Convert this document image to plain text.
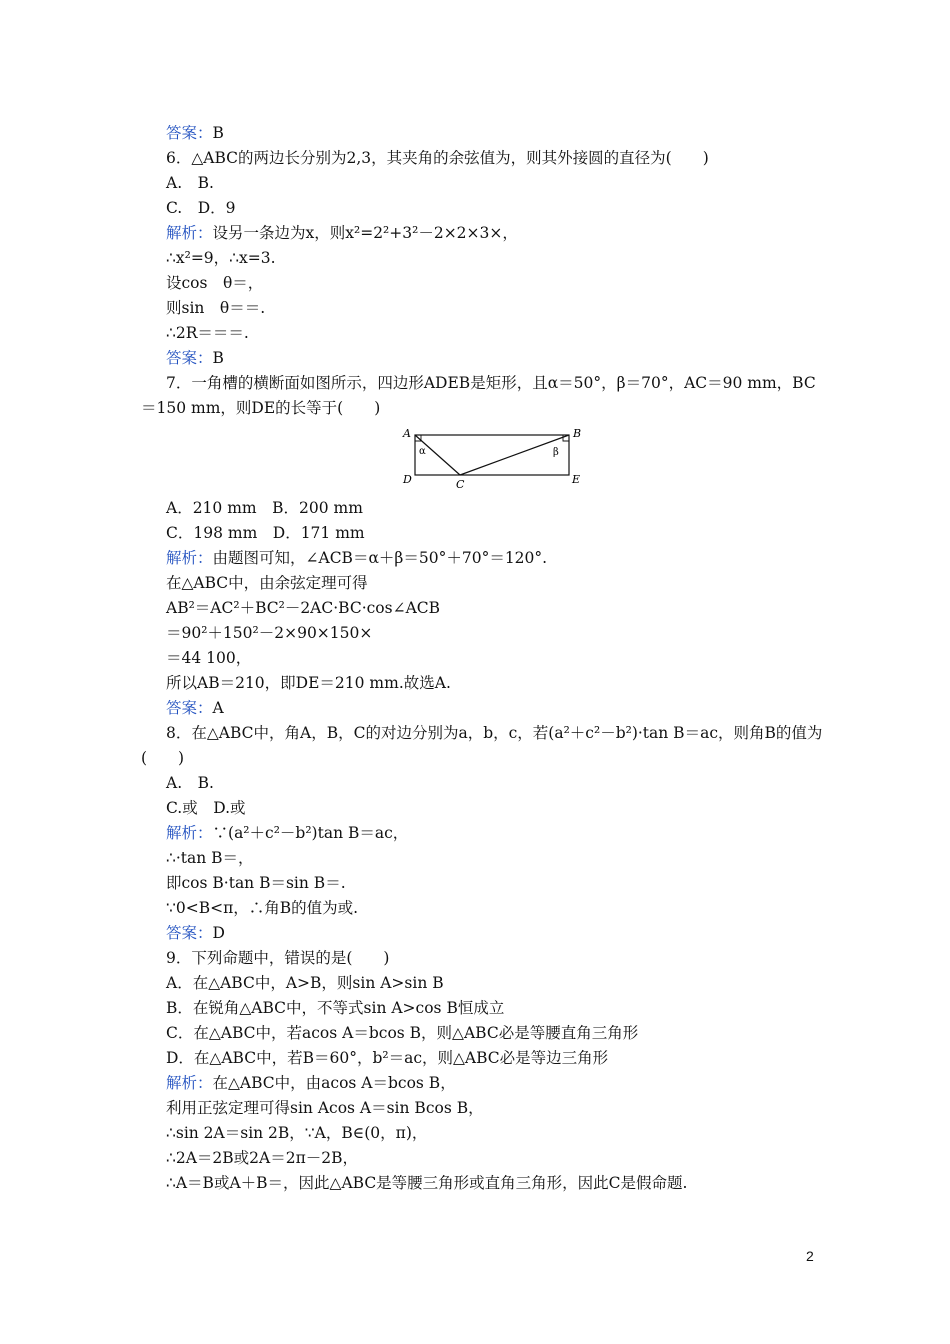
答案：B
6．△ABC的两边长分别为2,3，其夹角的余弦值为，则其外接圆的直径为(　　)
A.　B.
C.　D．9
解析：设另一条边为x，则x²=2²+3²－2×2×3×，
∴x²=9，∴x=3.
设cos　θ＝，
则sin　θ＝＝.
∴2R＝＝＝.
答案：B
7．一角槽的横断面如图所示，四边形ADEB是矩形，且α＝50°，β＝70°，AC＝90 mm，BC
＝150 mm，则DE的长等于(　　)
A	B
D	E
C
α	β
A．210 mm　B．200 mm
C．198 mm　D．171 mm
解析：由题图可知，∠ACB＝α＋β＝50°＋70°＝120°.
在△ABC中，由余弦定理可得
AB²＝AC²＋BC²－2AC·BC·cos∠ACB
＝90²＋150²－2×90×150×
＝44 100，
所以AB＝210，即DE＝210 mm.故选A.
答案：A
8．在△ABC中，角A，B，C的对边分别为a，b，c，若(a²＋c²－b²)·tan B＝ac，则角B的值为
(　　)
A.　B.
C.或　D.或
解析：∵(a²＋c²－b²)tan B＝ac，
∴·tan B＝，
即cos B·tan B＝sin B＝.
∵0<B<π，∴角B的值为或.
答案：D
9．下列命题中，错误的是(　　)
A．在△ABC中，A>B，则sin A>sin B
B．在锐角△ABC中，不等式sin A>cos B恒成立
C．在△ABC中，若acos A＝bcos B，则△ABC必是等腰直角三角形
D．在△ABC中，若B＝60°，b²＝ac，则△ABC必是等边三角形
解析：在△ABC中，由acos A＝bcos B，
利用正弦定理可得sin Acos A＝sin Bcos B，
∴sin 2A＝sin 2B，∵A，B∈(0，π)，
∴2A＝2B或2A＝2π－2B，
∴A＝B或A＋B＝，因此△ABC是等腰三角形或直角三角形，因此C是假命题.
2
